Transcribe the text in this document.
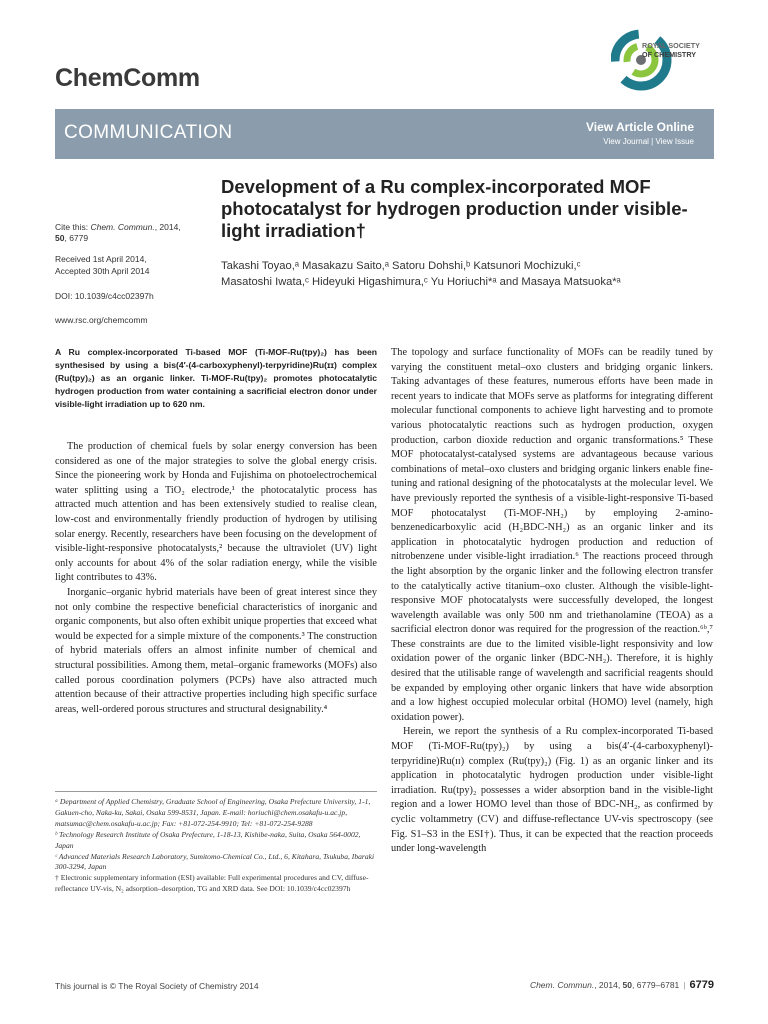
ChemComm
ROYAL SOCIETY
OF CHEMISTRY
COMMUNICATION	View Article Online
View Journal | View Issue
Cite this: Chem. Commun., 2014,
50, 6779
Received 1st April 2014,
Accepted 30th April 2014
DOI: 10.1039/c4cc02397h
www.rsc.org/chemcomm
Development of a Ru complex-incorporated MOF photocatalyst for hydrogen production under visible-light irradiation†
Takashi Toyao,ᵃ Masakazu Saito,ᵃ Satoru Dohshi,ᵇ Katsunori Mochizuki,ᶜ
Masatoshi Iwata,ᶜ Hideyuki Higashimura,ᶜ Yu Horiuchi*ᵃ and Masaya Matsuoka*ᵃ
A Ru complex-incorporated Ti-based MOF (Ti-MOF-Ru(tpy)₂) has been synthesised by using a bis(4′-(4-carboxyphenyl)-terpyridine)Ru(ɪɪ) complex (Ru(tpy)₂) as an organic linker. Ti-MOF-Ru(tpy)₂ promotes photocatalytic hydrogen production from water containing a sacrificial electron donor under visible-light irradiation up to 620 nm.

The production of chemical fuels by solar energy conversion has been considered as one of the major strategies to solve the global energy crisis. Since the pioneering work by Honda and Fujishima on photoelectrochemical water splitting using a TiO₂ electrode,¹ the photocatalytic process has attracted much attention and has been extensively studied to realise clean, low-cost and environmentally friendly production of hydrogen by utilising solar energy. Recently, researchers have been focusing on the development of visible-light-responsive photocatalysts,² because the ultraviolet (UV) light only accounts for about 4% of the solar radiation energy, while the visible light contributes to 43%.

Inorganic–organic hybrid materials have been of great interest since they not only combine the respective beneficial characteristics of inorganic and organic components, but also often exhibit unique properties that exceed what would be expected for a simple mixture of the components.³ The construction of hybrid materials offers an almost infinite number of chemical and structural possibilities. Among them, metal–organic frameworks (MOFs) also called porous coordination polymers (PCPs) have also attracted much attention because of their attractive properties including high specific surface areas, well-ordered porous structures and structural designability.⁴

ᵃ Department of Applied Chemistry, Graduate School of Engineering, Osaka Prefecture University, 1-1, Gakuen-cho, Naka-ku, Sakai, Osaka 599-8531, Japan. E-mail: horiuchi@chem.osakafu-u.ac.jp, matsumac@chem.osakafu-u.ac.jp; Fax: +81-072-254-9910; Tel: +81-072-254-9288

ᵇ Technology Research Institute of Osaka Prefecture, 1-18-13, Kishibe-naka, Suita, Osaka 564-0002, Japan

ᶜ Advanced Materials Research Laboratory, Sumitomo-Chemical Co., Ltd., 6, Kitahara, Tsukuba, Ibaraki 300-3294, Japan

† Electronic supplementary information (ESI) available: Full experimental procedures and CV, diffuse-reflectance UV-vis, N₂ adsorption–desorption, TG and XRD data. See DOI: 10.1039/c4cc02397h

The topology and surface functionality of MOFs can be readily tuned by varying the constituent metal–oxo clusters and bridging organic linkers. Taking advantages of these features, numerous efforts have been made in recent years to indicate that MOFs serve as platforms for integrating different molecular functional components to achieve light harvesting and to promote various photocatalytic reactions such as hydrogen production, oxygen production, carbon dioxide reduction and organic transformations.⁵ These MOF photocatalyst-catalysed systems are advantageous because various combinations of metal–oxo clusters and bridging organic linkers enable fine-tuning and rational designing of the photocatalysts at the molecular level. We have previously reported the synthesis of a visible-light-responsive Ti-based MOF photocatalyst (Ti-MOF-NH₂) by employing 2-amino-benzenedicarboxylic acid (H₂BDC-NH₂) as an organic linker and its application in photocatalytic hydrogen production and reduction of nitrobenzene under visible-light irradiation.⁶ The reactions proceed through the light absorption by the organic linker and the following electron transfer to the catalytically active titanium–oxo cluster. Although the visible-light-responsive MOF photocatalysts were successfully developed, the longest wavelength available was only 500 nm and triethanolamine (TEOA) as a sacrificial electron donor was required for the progression of the reaction.⁶ᵇ,⁷ These constraints are due to the limited visible-light responsivity and low oxidation power of the organic linker (BDC-NH₂). Therefore, it is highly desired that the utilisable range of wavelength and sacrificial reagents should be expanded by employing other organic linkers that have wide absorption and a low highest occupied molecular orbital (HOMO) level (namely, high oxidation power).

Herein, we report the synthesis of a Ru complex-incorporated Ti-based MOF (Ti-MOF-Ru(tpy)₂) by using a bis(4′-(4-carboxyphenyl)-terpyridine)Ru(ɪɪ) complex (Ru(tpy)₂) (Fig. 1) as an organic linker and its application in photocatalytic hydrogen production under visible-light irradiation. Ru(tpy)₂ possesses a wider absorption band in the visible-light region and a lower HOMO level than those of BDC-NH₂, as confirmed by cyclic voltammetry (CV) and diffuse-reflectance UV-vis spectroscopy (see Fig. S1–S3 in the ESI†). Thus, it can be expected that the reaction proceeds under long-wavelength

This journal is © The Royal Society of Chemistry 2014	Chem. Commun., 2014, 50, 6779–6781 | 6779
